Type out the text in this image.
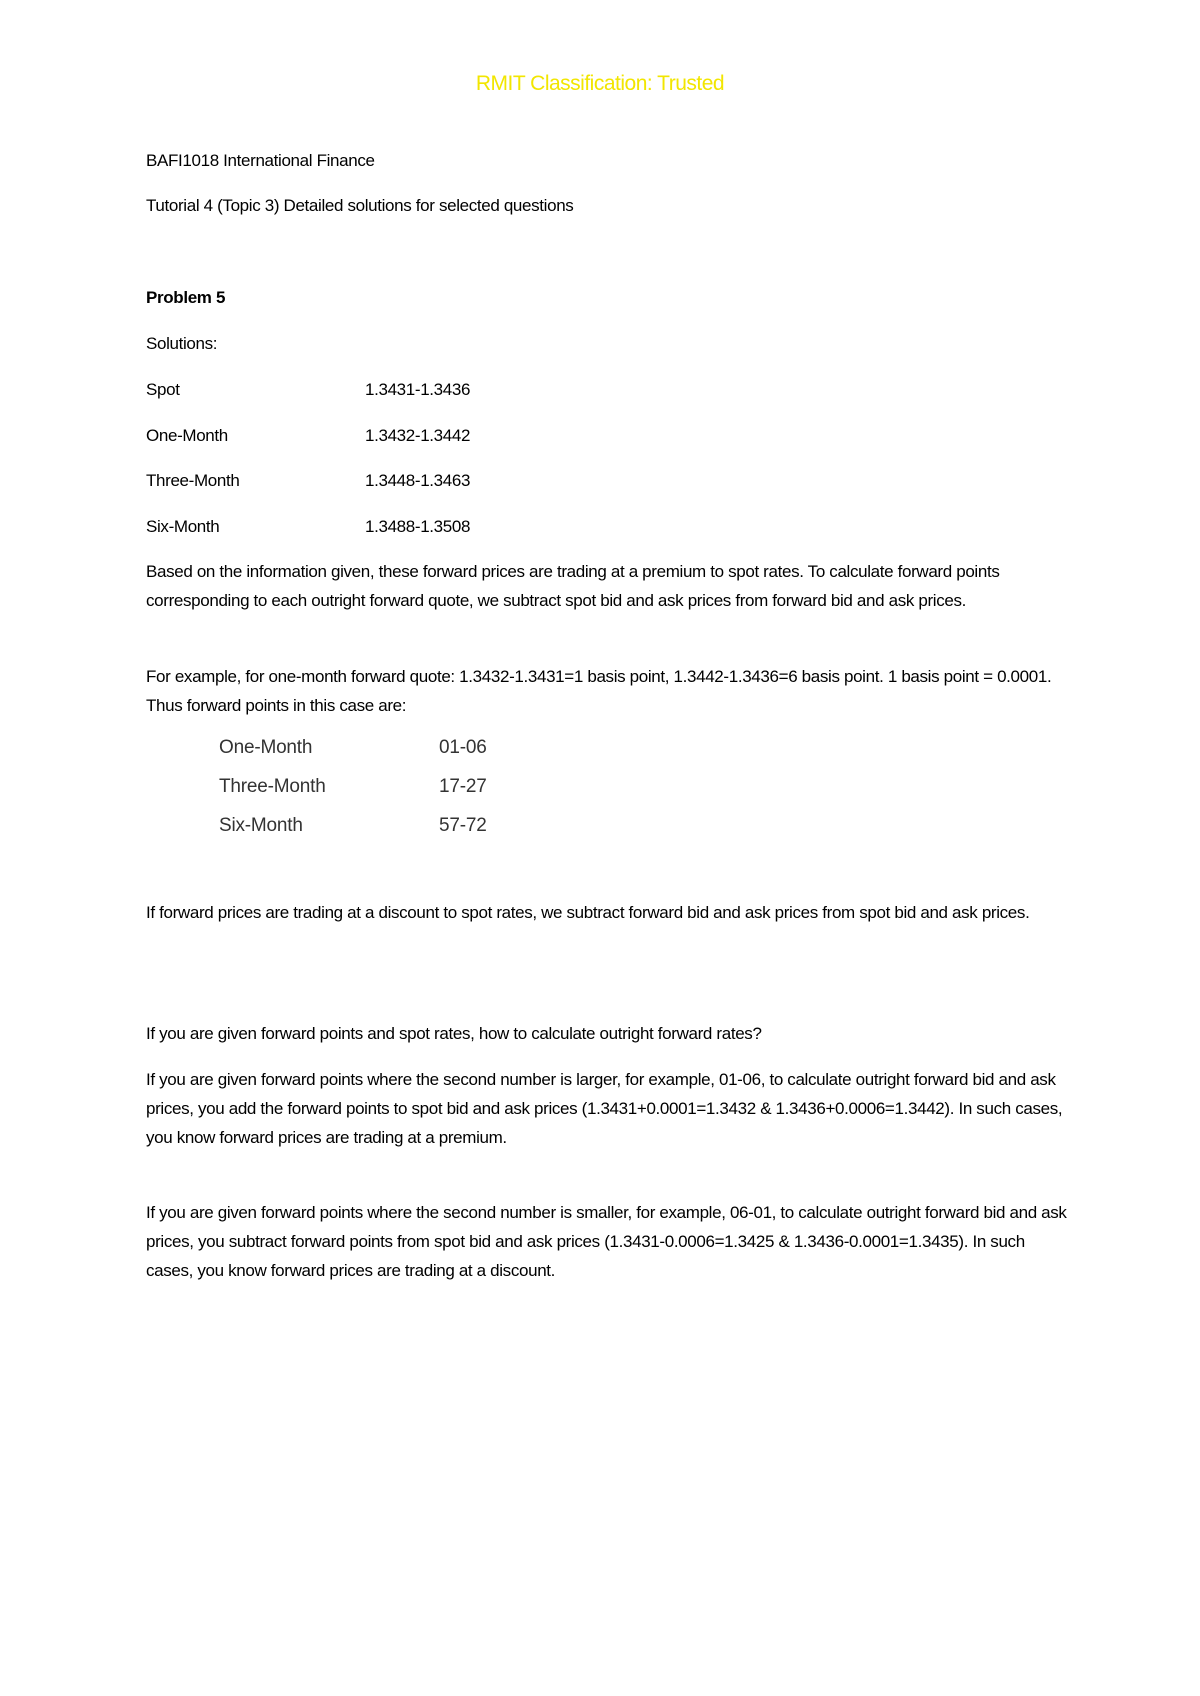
RMIT Classification: Trusted
BAFI1018 International Finance
Tutorial 4 (Topic 3) Detailed solutions for selected questions
Problem 5
Solutions:
Spot	1.3431-1.3436
One-Month	1.3432-1.3442
Three-Month	1.3448-1.3463
Six-Month	1.3488-1.3508
Based on the information given, these forward prices are trading at a premium to spot rates. To calculate forward points corresponding to each outright forward quote, we subtract spot bid and ask prices from forward bid and ask prices.
For example, for one-month forward quote: 1.3432-1.3431=1 basis point, 1.3442-1.3436=6 basis point. 1 basis point = 0.0001. Thus forward points in this case are:
One-Month	01-06
Three-Month	17-27
Six-Month	57-72
If forward prices are trading at a discount to spot rates, we subtract forward bid and ask prices from spot bid and ask prices.
If you are given forward points and spot rates, how to calculate outright forward rates?
If you are given forward points where the second number is larger, for example, 01-06, to calculate outright forward bid and ask prices, you add the forward points to spot bid and ask prices (1.3431+0.0001=1.3432 & 1.3436+0.0006=1.3442). In such cases, you know forward prices are trading at a premium.
If you are given forward points where the second number is smaller, for example, 06-01, to calculate outright forward bid and ask prices, you subtract forward points from spot bid and ask prices (1.3431-0.0006=1.3425 & 1.3436-0.0001=1.3435). In such cases, you know forward prices are trading at a discount.
